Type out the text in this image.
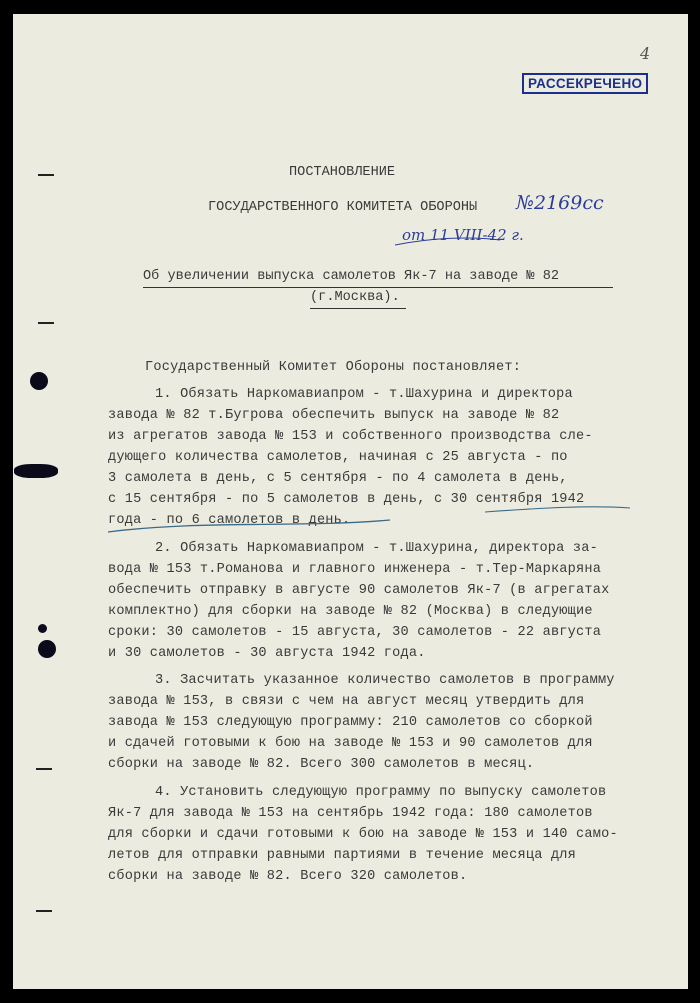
4
РАССЕКРЕЧЕНО
ПОСТАНОВЛЕНИЕ
ГОСУДАРСТВЕННОГО КОМИТЕТА ОБОРОНЫ №2169сс
от 11 VIII-42 г.
Об увеличении выпуска самолетов Як-7 на заводе № 82
(г.Москва).
Государственный Комитет Обороны постановляет:
1. Обязать Наркомавиапром - т.Шахурина и директора
завода № 82 т.Бугрова обеспечить выпуск на заводе № 82
из агрегатов завода № 153 и собственного производства сле-
дующего количества самолетов, начиная с 25 августа - по
3 самолета в день, с 5 сентября - по 4 самолета в день,
с 15 сентября - по 5 самолетов в день, с 30 сентября 1942
года - по 6 самолетов в день.
2. Обязать Наркомавиапром - т.Шахурина, директора за-
вода № 153 т.Романова и главного инженера - т.Тер-Маркаряна
обеспечить отправку в августе 90 самолетов Як-7 (в агрегатах
комплектно) для сборки на заводе № 82 (Москва) в следующие
сроки: 30 самолетов - 15 августа, 30 самолетов - 22 августа
и 30 самолетов - 30 августа 1942 года.
3. Засчитать указанное количество самолетов в программу
завода № 153, в связи с чем на август месяц утвердить для
завода № 153 следующую программу: 210 самолетов со сборкой
и сдачей готовыми к бою на заводе № 153 и 90 самолетов для
сборки на заводе № 82. Всего 300 самолетов в месяц.
4. Установить следующую программу по выпуску самолетов
Як-7 для завода № 153 на сентябрь 1942 года: 180 самолетов
для сборки и сдачи готовыми к бою на заводе № 153 и 140 само-
летов для отправки равными партиями в течение месяца для
сборки на заводе № 82. Всего 320 самолетов.
